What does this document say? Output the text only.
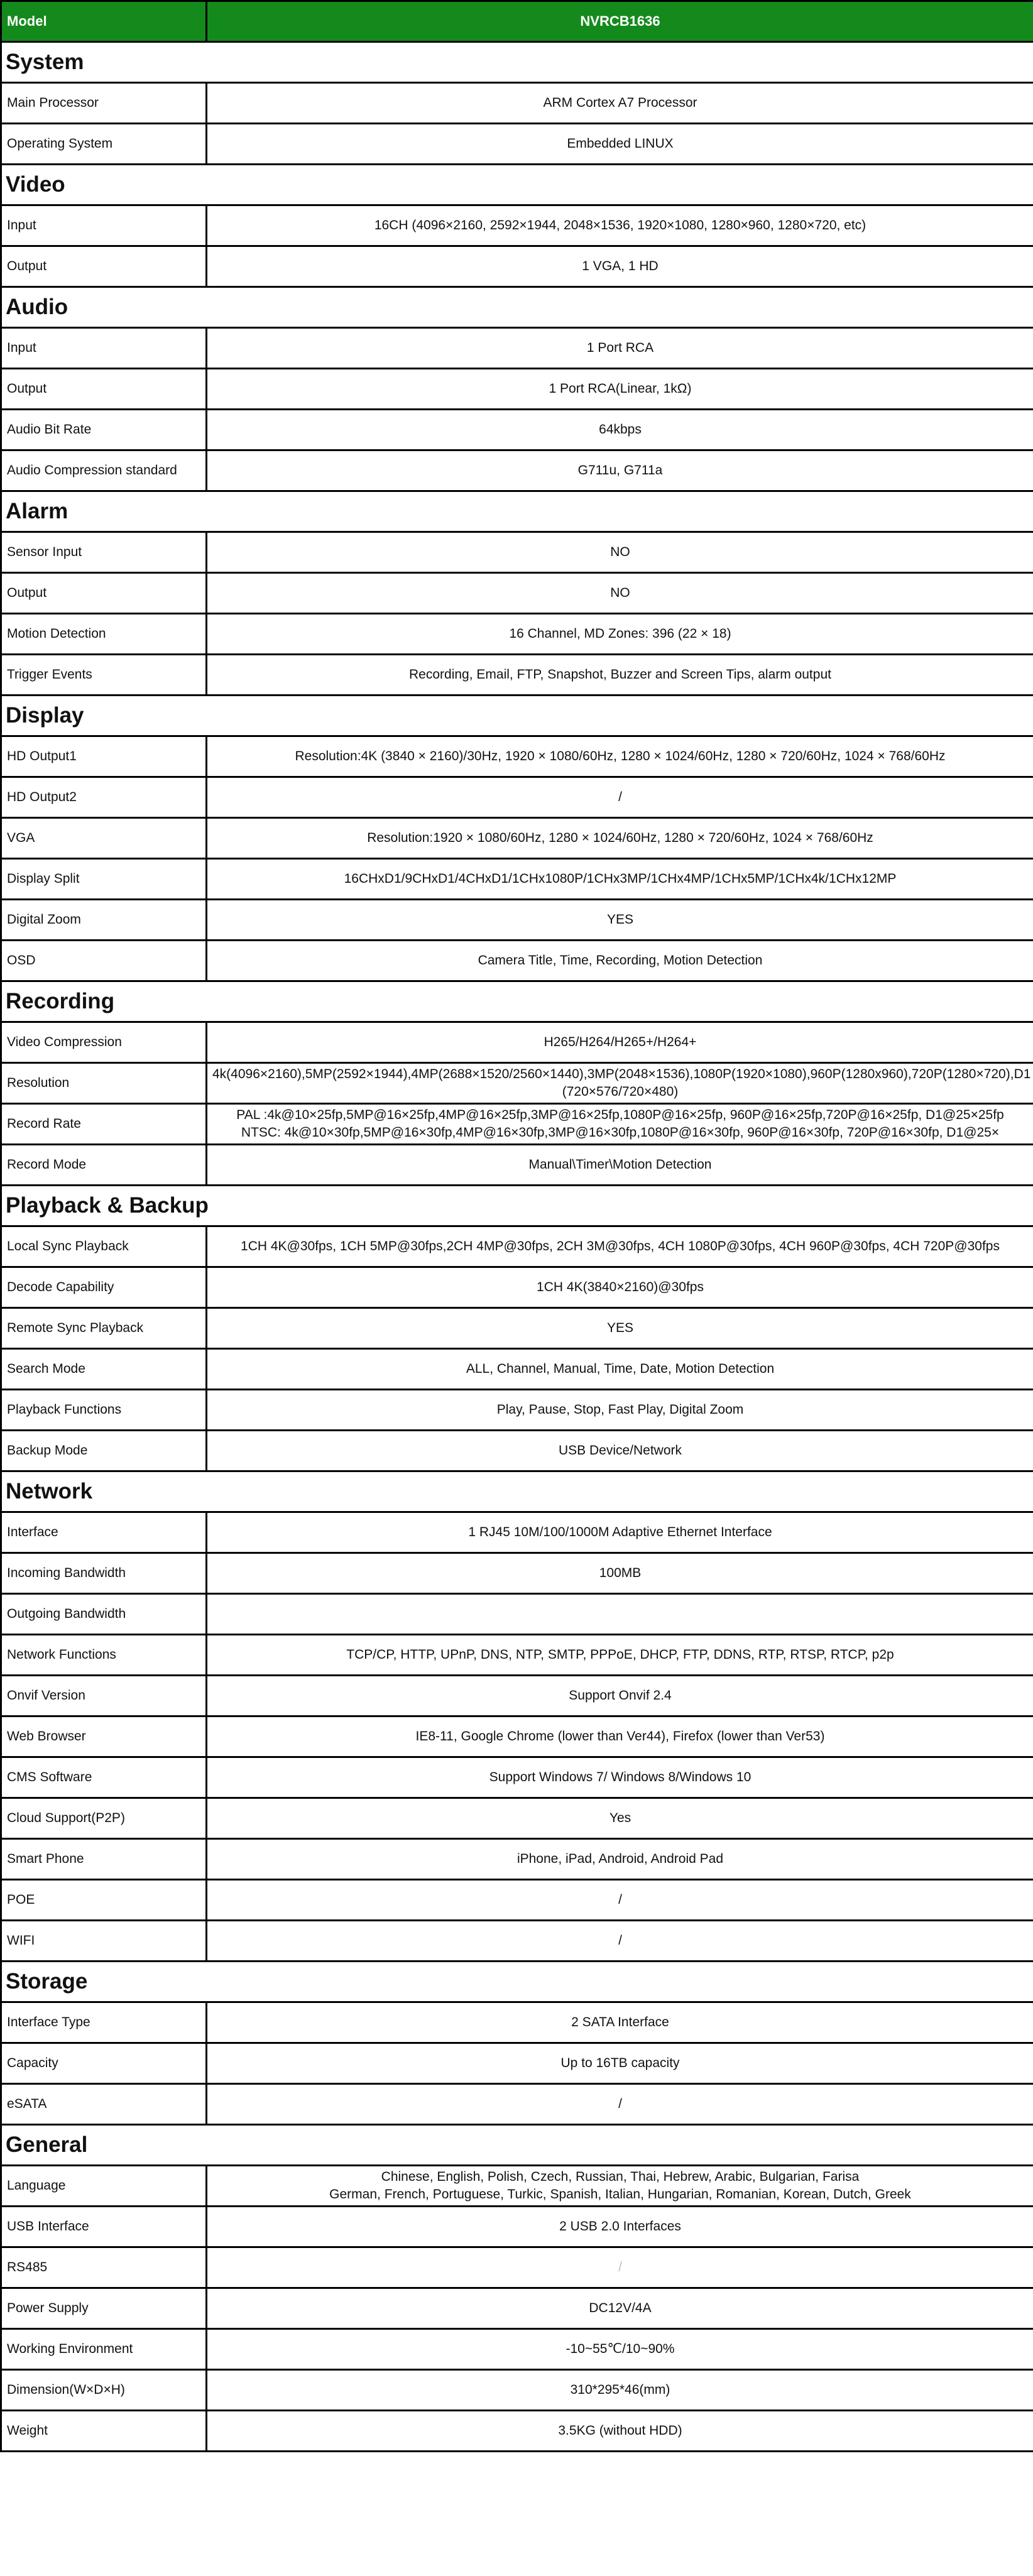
Model	NVRCB1636
System	
Main Processor	ARM Cortex A7 Processor

Operating System	Embedded LINUX

Video	
Input	16CH (4096×2160, 2592×1944, 2048×1536, 1920×1080, 1280×960, 1280×720, etc)

Output	1 VGA, 1 HD

Audio	
Input	1 Port RCA

Output	1 Port RCA(Linear, 1kΩ)

Audio Bit Rate	64kbps

Audio Compression standard	G711u, G711a

Alarm	
Sensor Input	NO

Output	NO

Motion Detection	16 Channel, MD Zones: 396 (22 × 18)

Trigger Events	Recording, Email, FTP, Snapshot, Buzzer and Screen Tips, alarm output

Display	
HD Output1	Resolution:4K (3840 × 2160)/30Hz, 1920 × 1080/60Hz, 1280 × 1024/60Hz, 1280 × 720/60Hz, 1024 × 768/60Hz

HD Output2	/

VGA	Resolution:1920 × 1080/60Hz, 1280 × 1024/60Hz, 1280 × 720/60Hz, 1024 × 768/60Hz

Display Split	16CHxD1/9CHxD1/4CHxD1/1CHx1080P/1CHx3MP/1CHx4MP/1CHx5MP/1CHx4k/1CHx12MP

Digital Zoom	YES

OSD	Camera Title, Time, Recording, Motion Detection

Recording	
Video Compression	H265/H264/H265+/H264+

Resolution	4k(4096×2160),5MP(2592×1944),4MP(2688×1520/2560×1440),3MP(2048×1536),1080P(1920×1080),960P(1280x960),720P(1280×720),D1
(720×576/720×480)

Record Rate	PAL :4k@10×25fp,5MP@16×25fp,4MP@16×25fp,3MP@16×25fp,1080P@16×25fp, 960P@16×25fp,720P@16×25fp, D1@25×25fp
NTSC: 4k@10×30fp,5MP@16×30fp,4MP@16×30fp,3MP@16×30fp,1080P@16×30fp, 960P@16×30fp, 720P@16×30fp, D1@25×

Record Mode	Manual\Timer\Motion Detection

Playback & Backup	
Local Sync Playback	1CH 4K@30fps, 1CH 5MP@30fps,2CH 4MP@30fps, 2CH 3M@30fps, 4CH 1080P@30fps, 4CH 960P@30fps, 4CH 720P@30fps

Decode Capability	1CH 4K(3840×2160)@30fps

Remote Sync Playback	YES

Search Mode	ALL, Channel, Manual, Time, Date, Motion Detection

Playback Functions	Play, Pause, Stop, Fast Play, Digital Zoom

Backup Mode	USB Device/Network

Network	
Interface	1 RJ45 10M/100/1000M Adaptive Ethernet Interface

Incoming Bandwidth	100MB

Outgoing Bandwidth	

Network Functions	TCP/CP, HTTP, UPnP, DNS, NTP, SMTP, PPPoE, DHCP, FTP, DDNS, RTP, RTSP, RTCP, p2p

Onvif Version	Support Onvif 2.4

Web Browser	IE8-11, Google Chrome (lower than Ver44), Firefox (lower than Ver53)

CMS Software	Support Windows 7/ Windows 8/Windows 10

Cloud Support(P2P)	Yes

Smart Phone	iPhone, iPad, Android, Android Pad

POE	/

WIFI	/

Storage	
Interface Type	2 SATA Interface

Capacity	Up to 16TB capacity

eSATA	/

General	
Language	Chinese, English, Polish, Czech, Russian, Thai, Hebrew, Arabic, Bulgarian, Farisa
German, French, Portuguese, Turkic, Spanish, Italian, Hungarian, Romanian, Korean, Dutch, Greek

USB Interface	2 USB 2.0 Interfaces

RS485	/

Power Supply	DC12V/4A

Working Environment	-10~55℃/10~90%

Dimension(W×D×H)	310*295*46(mm)

Weight	3.5KG (without HDD)
